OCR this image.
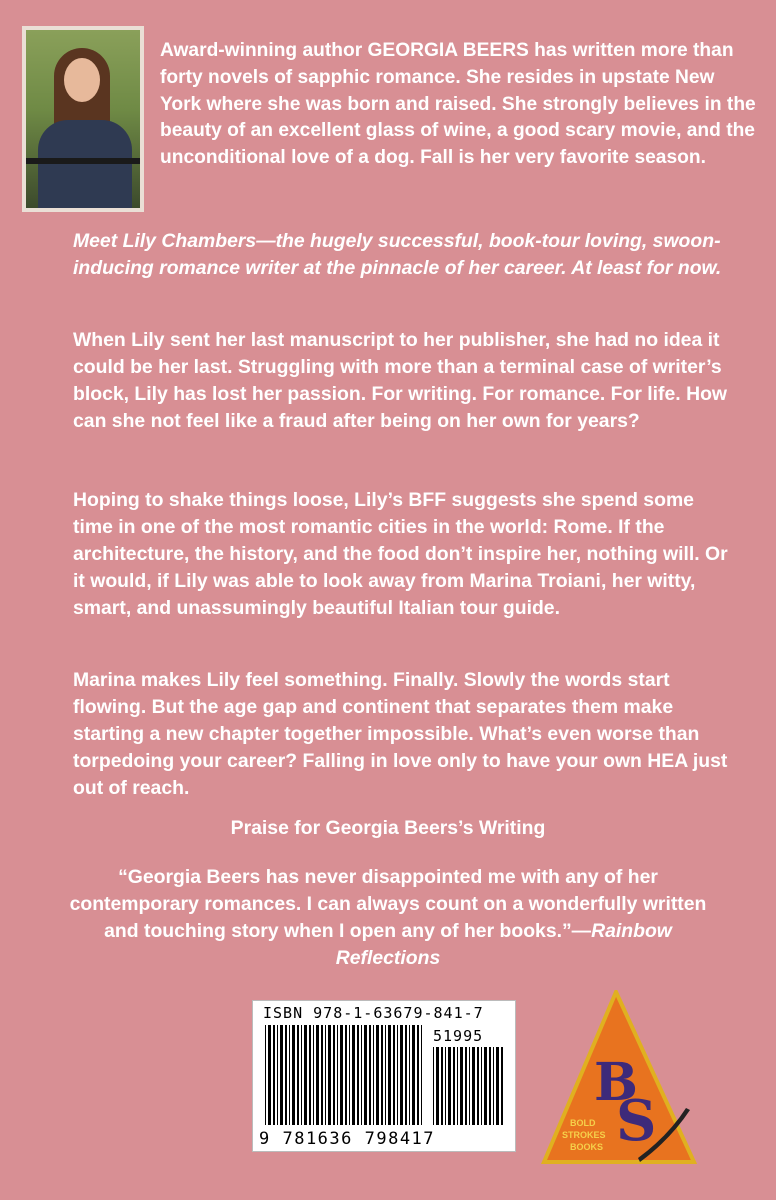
Award-winning author GEORGIA BEERS has written more than forty novels of sapphic romance. She resides in upstate New York where she was born and raised. She strongly believes in the beauty of an excellent glass of wine, a good scary movie, and the unconditional love of a dog. Fall is her very favorite season.
Meet Lily Chambers—the hugely successful, book-tour loving, swoon-inducing romance writer at the pinnacle of her career. At least for now.
When Lily sent her last manuscript to her publisher, she had no idea it could be her last. Struggling with more than a terminal case of writer’s block, Lily has lost her passion. For writing. For romance. For life. How can she not feel like a fraud after being on her own for years?
Hoping to shake things loose, Lily’s BFF suggests she spend some time in one of the most romantic cities in the world: Rome. If the architecture, the history, and the food don’t inspire her, nothing will. Or it would, if Lily was able to look away from Marina Troiani, her witty, smart, and unassumingly beautiful Italian tour guide.
Marina makes Lily feel something. Finally. Slowly the words start flowing. But the age gap and continent that separates them make starting a new chapter together impossible. What’s even worse than torpedoing your career? Falling in love only to have your own HEA just out of reach.
Praise for Georgia Beers’s Writing
“Georgia Beers has never disappointed me with any of her contemporary romances. I can always count on a wonderfully written and touching story when I open any of her books.”—Rainbow Reflections
ISBN 978-1-63679-841-7
51995
9 781636 798417
B
S
BOLD
STROKES
BOOKS
